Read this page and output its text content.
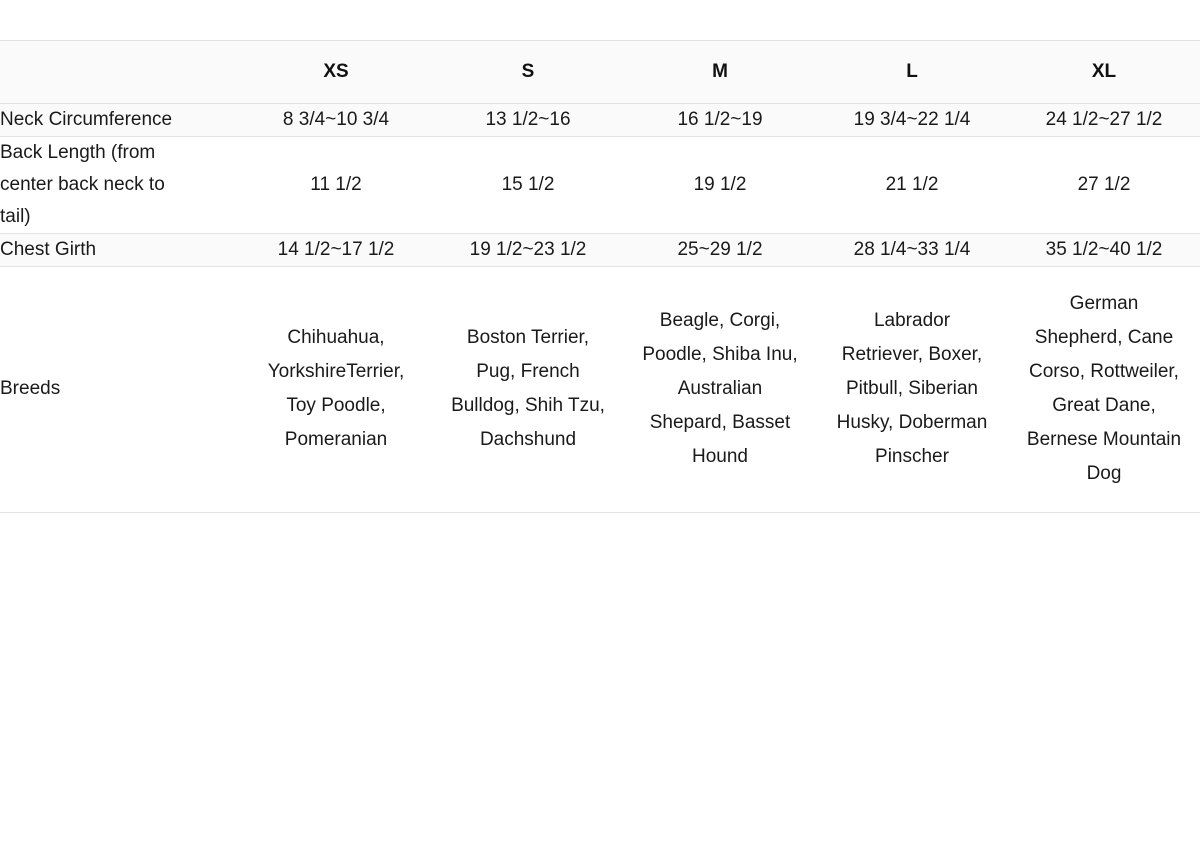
	XS	S	M	L	XL
Neck Circumference	8 3/4~10 3/4	13 1/2~16	16 1/2~19	19 3/4~22 1/4	24 1/2~27 1/2
Back Length (from center back neck to tail)	11 1/2	15 1/2	19 1/2	21 1/2	27 1/2
Chest Girth	14 1/2~17 1/2	19 1/2~23 1/2	25~29 1/2	28 1/4~33 1/4	35 1/2~40 1/2
Breeds	Chihuahua, YorkshireTerrier, Toy Poodle, Pomeranian	Boston Terrier, Pug, French Bulldog, Shih Tzu, Dachshund	Beagle, Corgi, Poodle, Shiba Inu, Australian Shepard, Basset Hound	Labrador Retriever, Boxer, Pitbull, Siberian Husky, Doberman Pinscher	German Shepherd, Cane Corso, Rottweiler, Great Dane, Bernese Mountain Dog
